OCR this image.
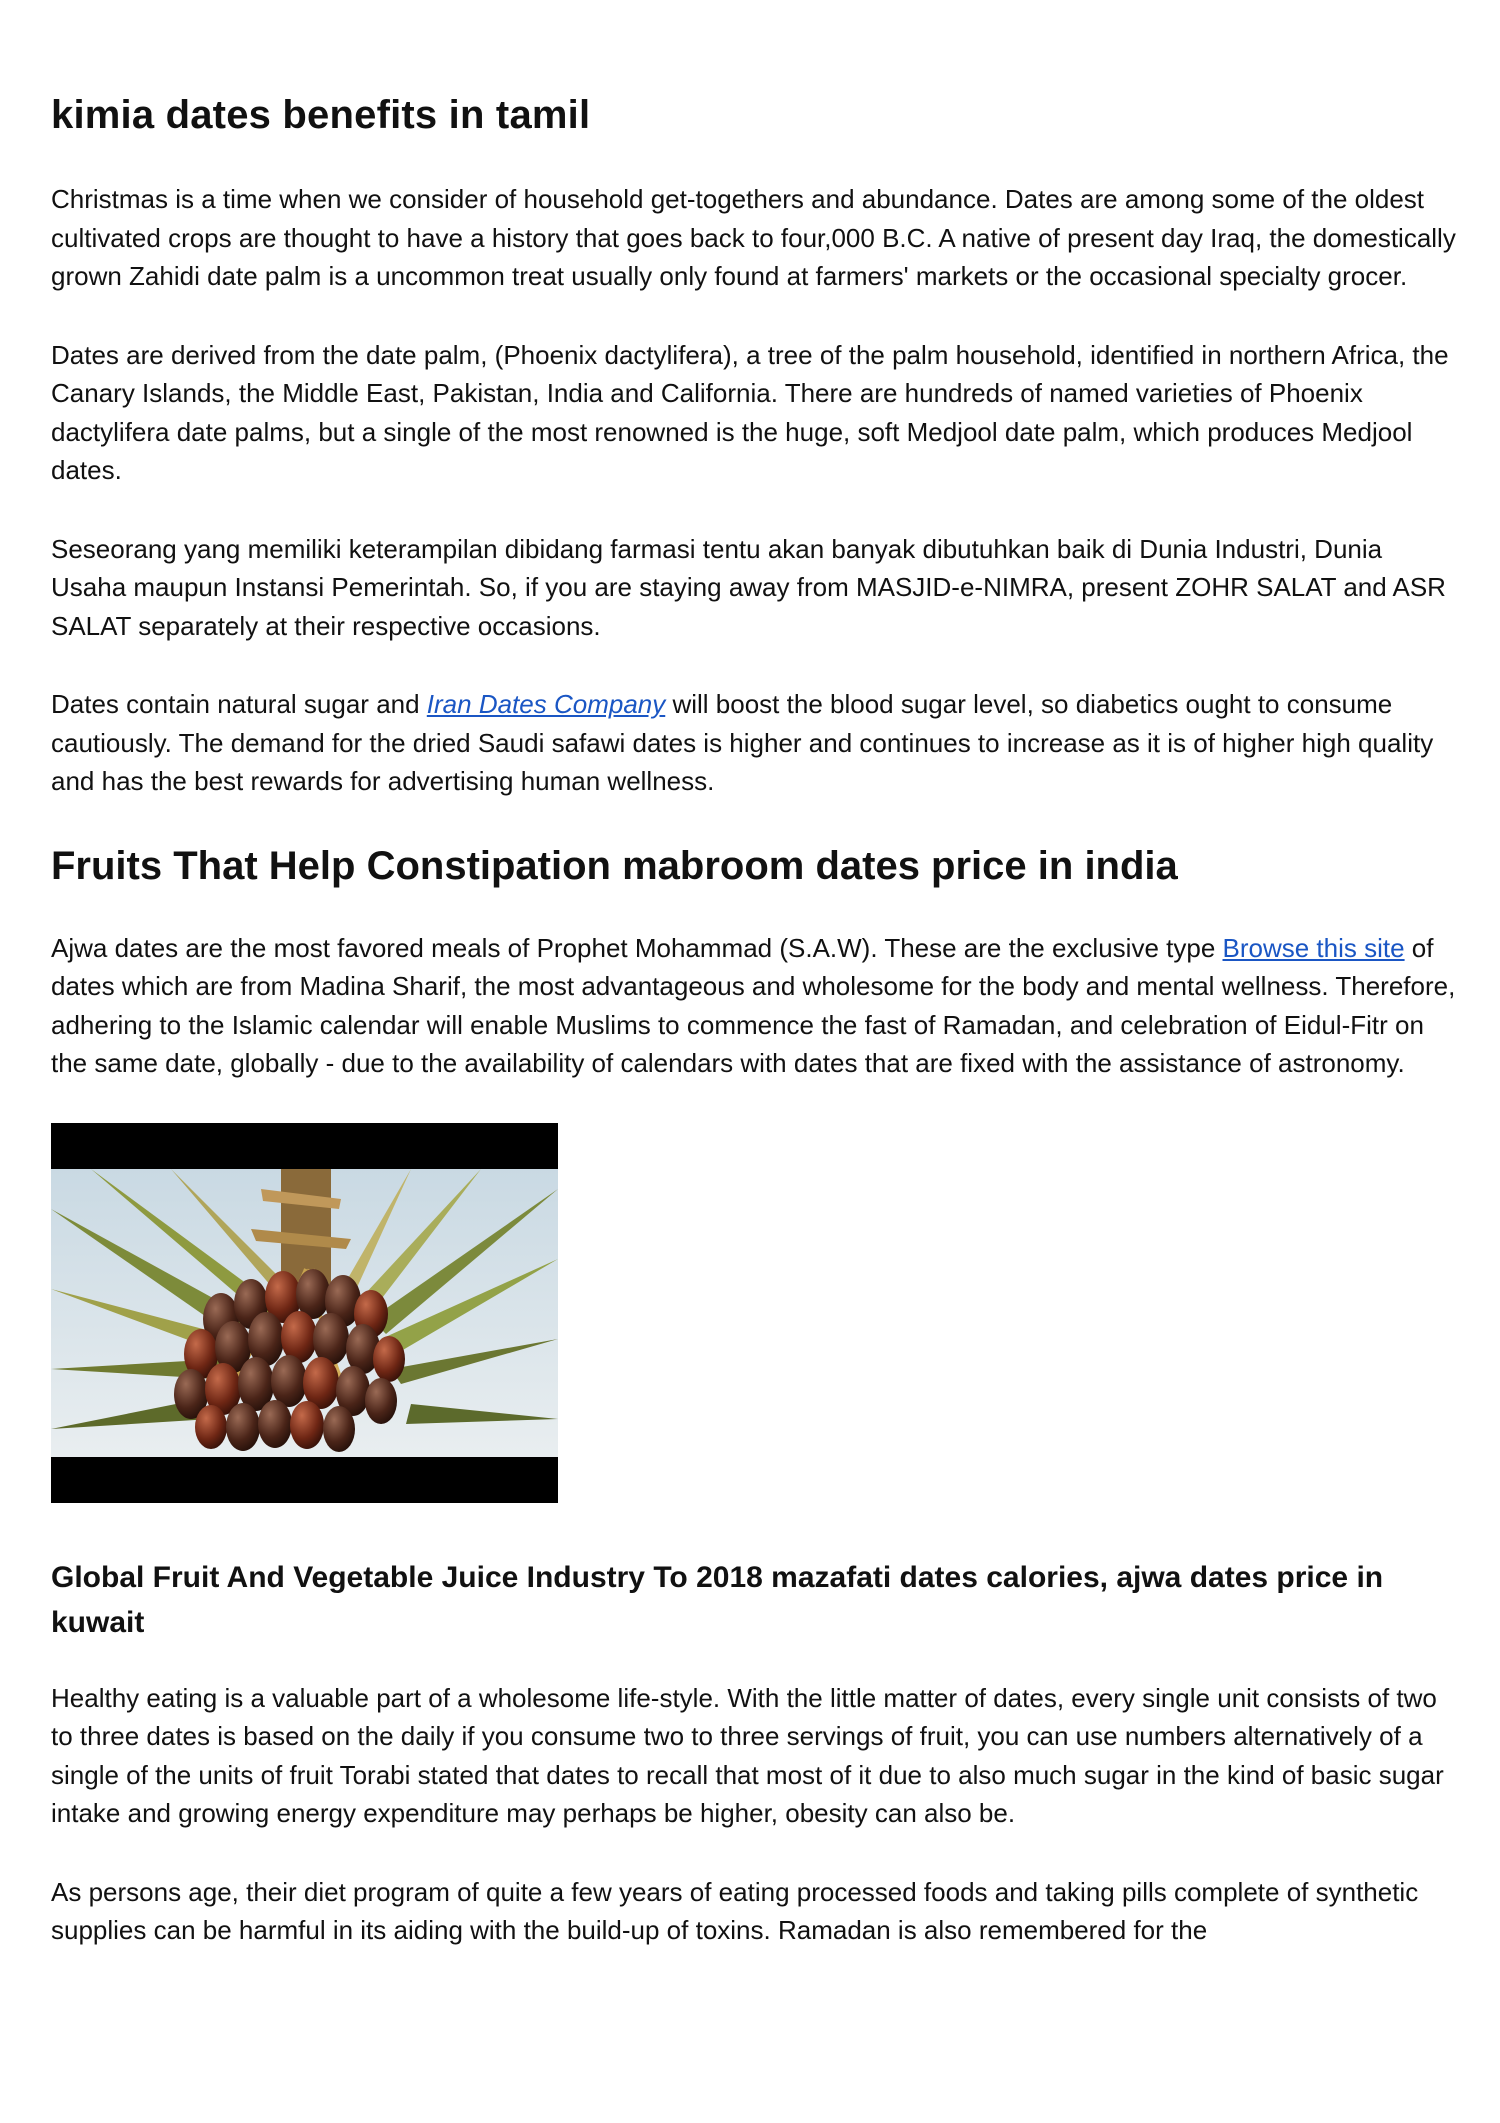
kimia dates benefits in tamil

Christmas is a time when we consider of household get-togethers and abundance. Dates are among some of the oldest cultivated crops are thought to have a history that goes back to four,000 B.C. A native of present day Iraq, the domestically grown Zahidi date palm is a uncommon treat usually only found at farmers' markets or the occasional specialty grocer.

Dates are derived from the date palm, (Phoenix dactylifera), a tree of the palm household, identified in northern Africa, the Canary Islands, the Middle East, Pakistan, India and California. There are hundreds of named varieties of Phoenix dactylifera date palms, but a single of the most renowned is the huge, soft Medjool date palm, which produces Medjool dates.

Seseorang yang memiliki keterampilan dibidang farmasi tentu akan banyak dibutuhkan baik di Dunia Industri, Dunia Usaha maupun Instansi Pemerintah. So, if you are staying away from MASJID-e-NIMRA, present ZOHR SALAT and ASR SALAT separately at their respective occasions.

Dates contain natural sugar and Iran Dates Company will boost the blood sugar level, so diabetics ought to consume cautiously. The demand for the dried Saudi safawi dates is higher and continues to increase as it is of higher high quality and has the best rewards for advertising human wellness.

Fruits That Help Constipation mabroom dates price in india

Ajwa dates are the most favored meals of Prophet Mohammad (S.A.W). These are the exclusive type Browse this site of dates which are from Madina Sharif, the most advantageous and wholesome for the body and mental wellness. Therefore, adhering to the Islamic calendar will enable Muslims to commence the fast of Ramadan, and celebration of Eidul-Fitr on the same date, globally - due to the availability of calendars with dates that are fixed with the assistance of astronomy.

Global Fruit And Vegetable Juice Industry To 2018 mazafati dates calories, ajwa dates price in kuwait

Healthy eating is a valuable part of a wholesome life-style. With the little matter of dates, every single unit consists of two to three dates is based on the daily if you consume two to three servings of fruit, you can use numbers alternatively of a single of the units of fruit Torabi stated that dates to recall that most of it due to also much sugar in the kind of basic sugar intake and growing energy expenditure may perhaps be higher, obesity can also be.

As persons age, their diet program of quite a few years of eating processed foods and taking pills complete of synthetic supplies can be harmful in its aiding with the build-up of toxins. Ramadan is also remembered for the
